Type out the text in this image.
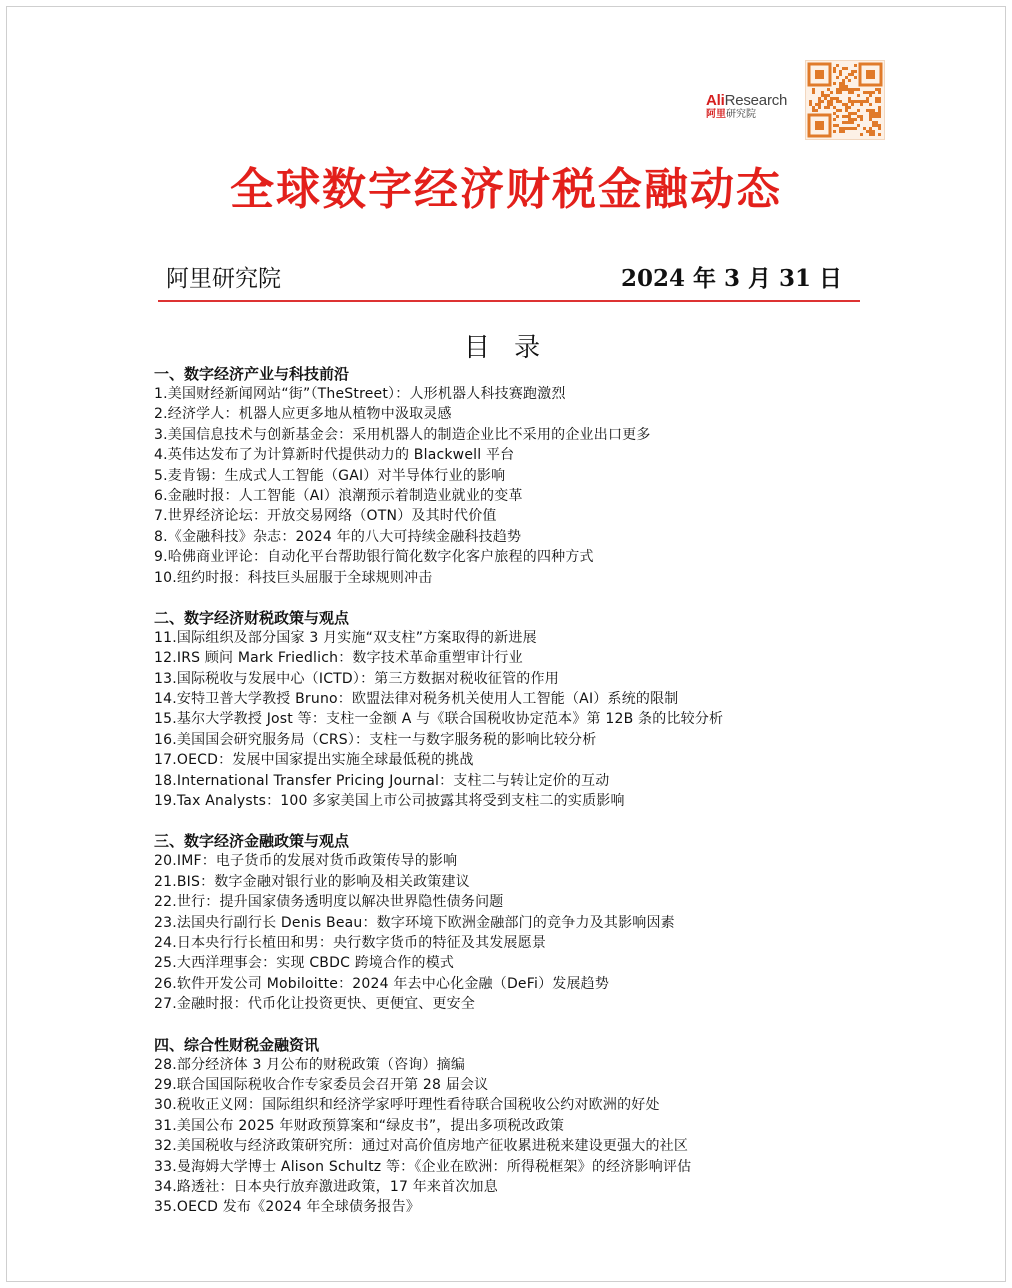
AliResearch
阿里研究院
全球数字经济财税金融动态
阿里研究院	2024 年 3 月 31 日
目 录
一、数字经济产业与科技前沿
1.美国财经新闻网站“街”（TheStreet）：人形机器人科技赛跑激烈
2.经济学人：机器人应更多地从植物中汲取灵感
3.美国信息技术与创新基金会：采用机器人的制造企业比不采用的企业出口更多
4.英伟达发布了为计算新时代提供动力的 Blackwell 平台
5.麦肯锡：生成式人工智能（GAI）对半导体行业的影响
6.金融时报：人工智能（AI）浪潮预示着制造业就业的变革
7.世界经济论坛：开放交易网络（OTN）及其时代价值
8.《金融科技》杂志：2024 年的八大可持续金融科技趋势
9.哈佛商业评论：自动化平台帮助银行简化数字化客户旅程的四种方式
10.纽约时报：科技巨头屈服于全球规则冲击
二、数字经济财税政策与观点
11.国际组织及部分国家 3 月实施“双支柱”方案取得的新进展
12.IRS 顾问 Mark Friedlich：数字技术革命重塑审计行业
13.国际税收与发展中心（ICTD）：第三方数据对税收征管的作用
14.安特卫普大学教授 Bruno：欧盟法律对税务机关使用人工智能（AI）系统的限制
15.基尔大学教授 Jost 等：支柱一金额 A 与《联合国税收协定范本》第 12B 条的比较分析
16.美国国会研究服务局（CRS）：支柱一与数字服务税的影响比较分析
17.OECD：发展中国家提出实施全球最低税的挑战
18.International Transfer Pricing Journal：支柱二与转让定价的互动
19.Tax Analysts：100 多家美国上市公司披露其将受到支柱二的实质影响
三、数字经济金融政策与观点
20.IMF：电子货币的发展对货币政策传导的影响
21.BIS：数字金融对银行业的影响及相关政策建议
22.世行：提升国家债务透明度以解决世界隐性债务问题
23.法国央行副行长 Denis Beau：数字环境下欧洲金融部门的竞争力及其影响因素
24.日本央行行长植田和男：央行数字货币的特征及其发展愿景
25.大西洋理事会：实现 CBDC 跨境合作的模式
26.软件开发公司 Mobiloitte：2024 年去中心化金融（DeFi）发展趋势
27.金融时报：代币化让投资更快、更便宜、更安全
四、综合性财税金融资讯
28.部分经济体 3 月公布的财税政策（咨询）摘编
29.联合国国际税收合作专家委员会召开第 28 届会议
30.税收正义网：国际组织和经济学家呼吁理性看待联合国税收公约对欧洲的好处
31.美国公布 2025 年财政预算案和“绿皮书”，提出多项税改政策
32.美国税收与经济政策研究所：通过对高价值房地产征收累进税来建设更强大的社区
33.曼海姆大学博士 Alison Schultz 等：《企业在欧洲：所得税框架》的经济影响评估
34.路透社：日本央行放弃激进政策，17 年来首次加息
35.OECD 发布《2024 年全球债务报告》
